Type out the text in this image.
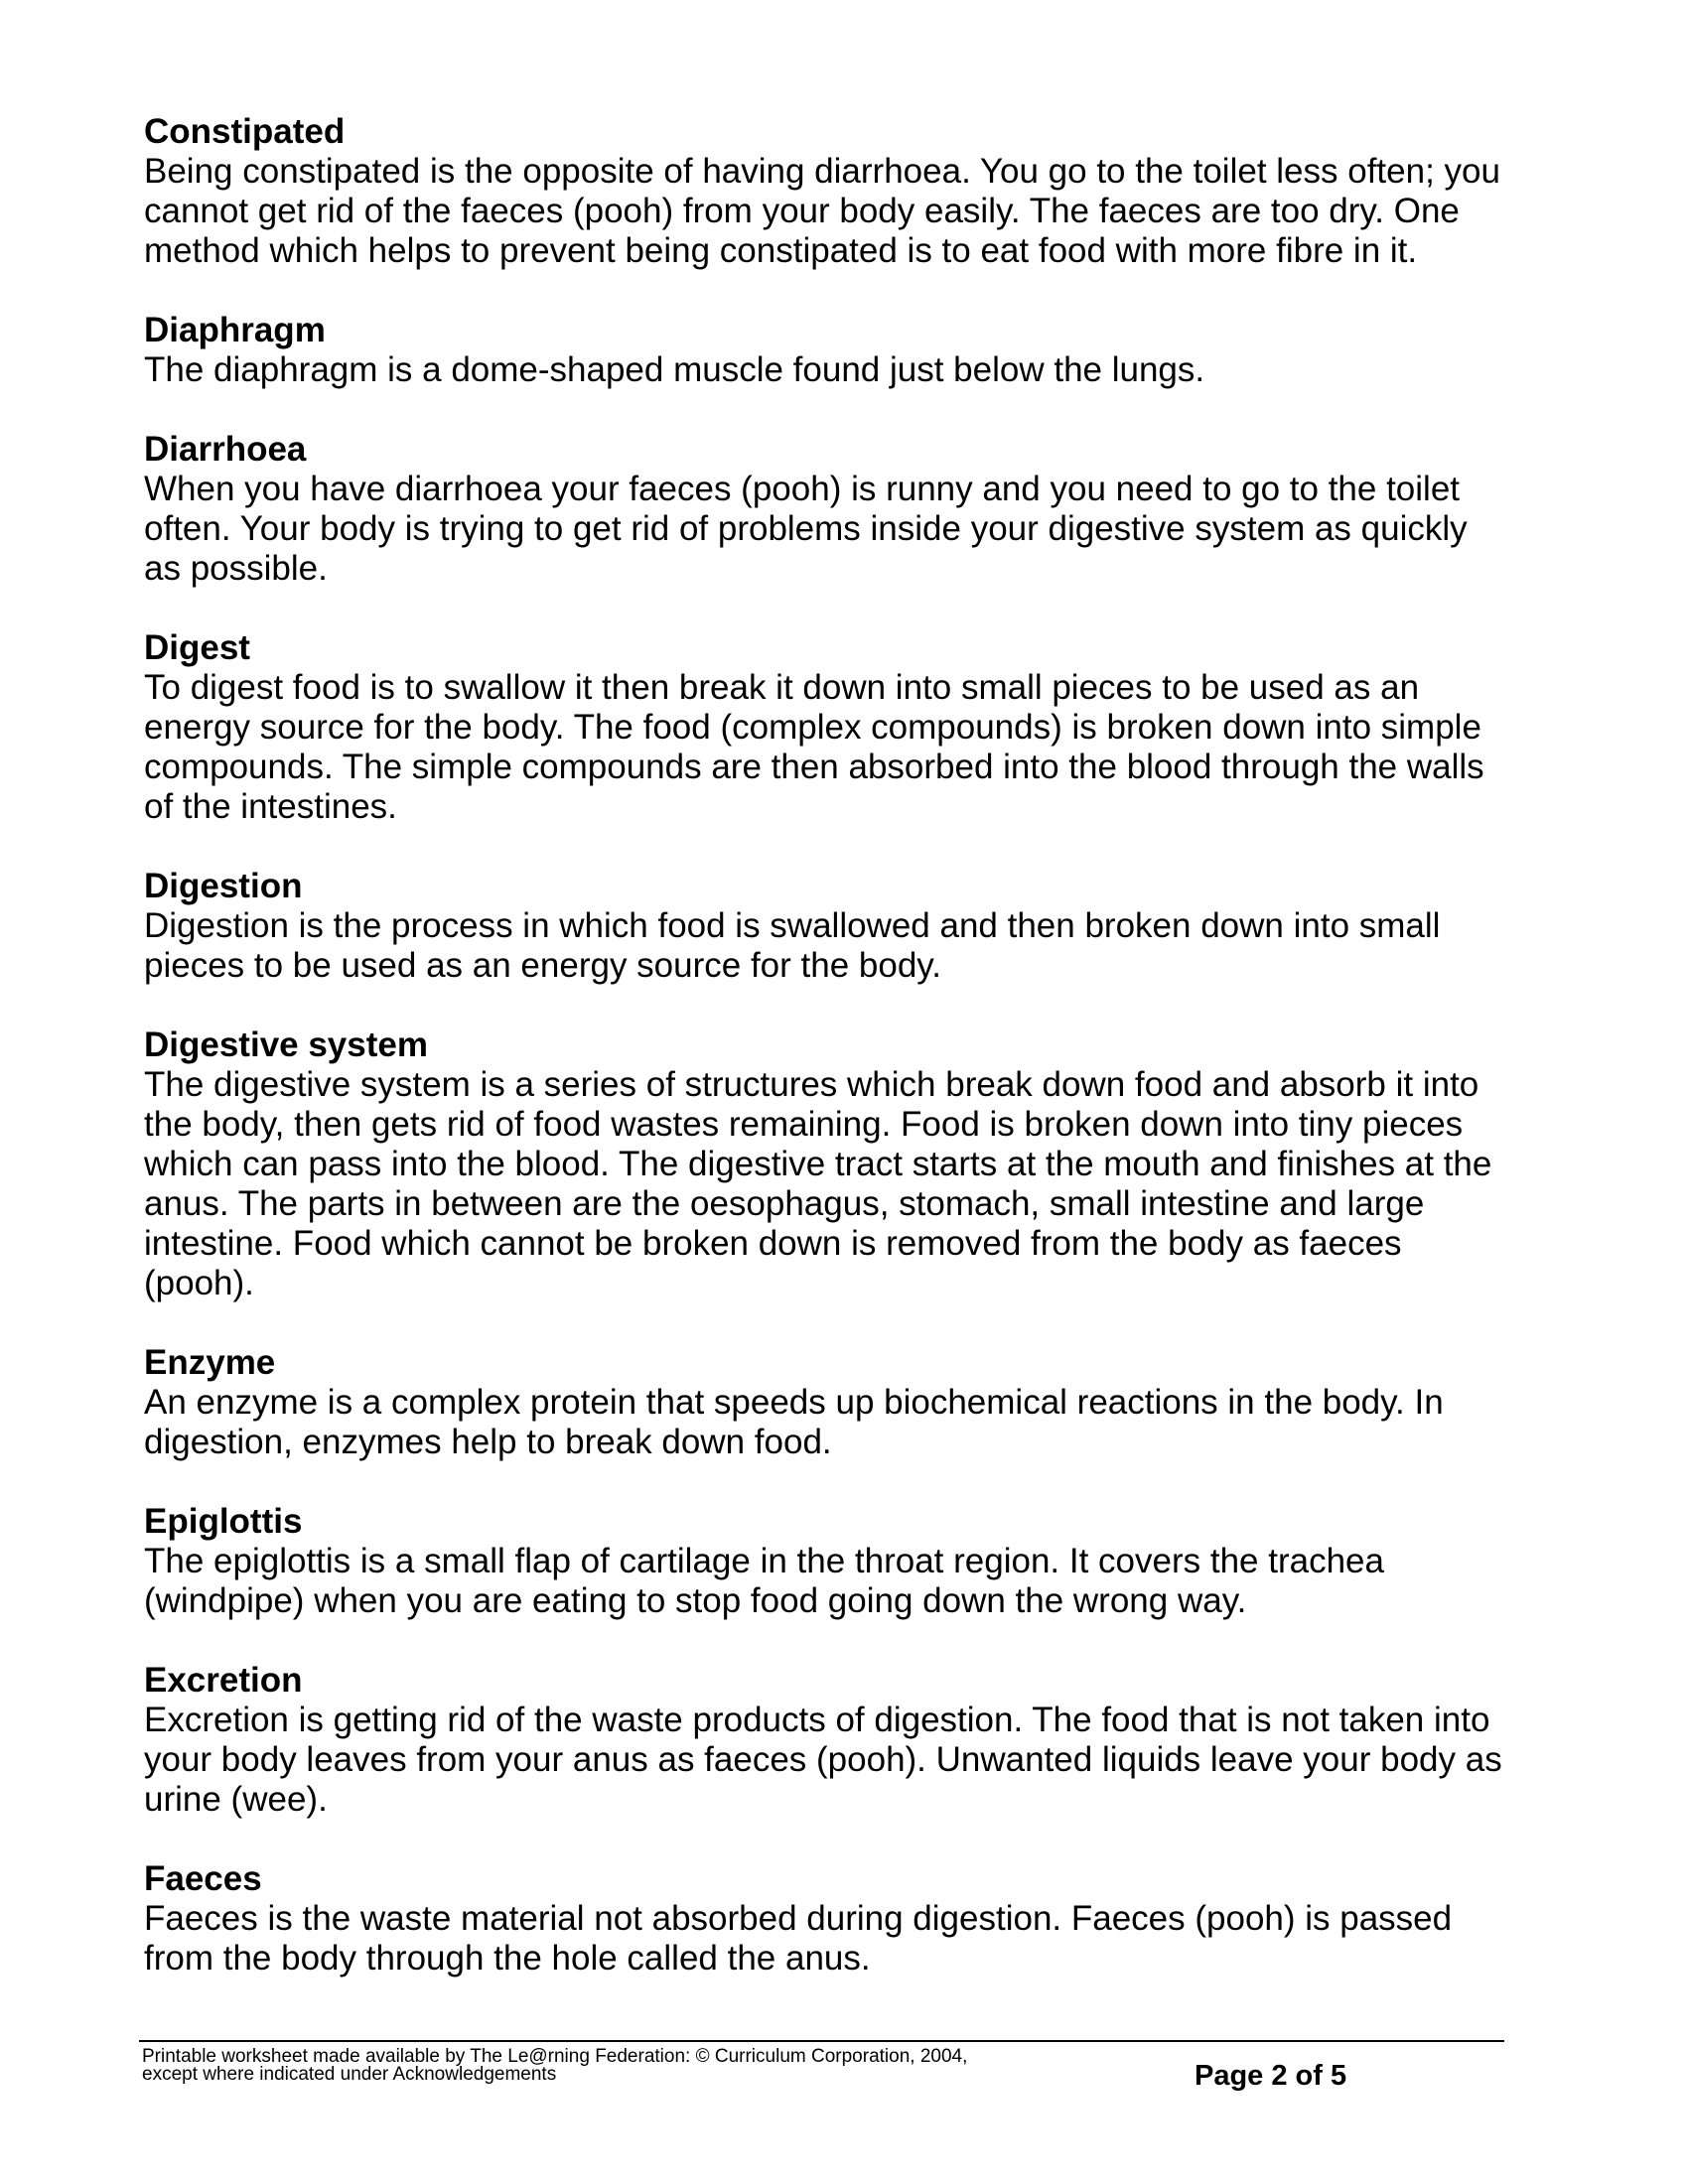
Constipated

Being constipated is the opposite of having diarrhoea. You go to the toilet less often; you cannot get rid of the faeces (pooh) from your body easily. The faeces are too dry. One method which helps to prevent being constipated is to eat food with more fibre in it.

Diaphragm

The diaphragm is a dome-shaped muscle found just below the lungs.

Diarrhoea

When you have diarrhoea your faeces (pooh) is runny and you need to go to the toilet often. Your body is trying to get rid of problems inside your digestive system as quickly as possible.

Digest

To digest food is to swallow it then break it down into small pieces to be used as an energy source for the body. The food (complex compounds) is broken down into simple compounds. The simple compounds are then absorbed into the blood through the walls of the intestines.

Digestion

Digestion is the process in which food is swallowed and then broken down into small pieces to be used as an energy source for the body.

Digestive system

The digestive system is a series of structures which break down food and absorb it into the body, then gets rid of food wastes remaining. Food is broken down into tiny pieces which can pass into the blood. The digestive tract starts at the mouth and finishes at the anus. The parts in between are the oesophagus, stomach, small intestine and large intestine. Food which cannot be broken down is removed from the body as faeces (pooh).

Enzyme

An enzyme is a complex protein that speeds up biochemical reactions in the body. In digestion, enzymes help to break down food.

Epiglottis

The epiglottis is a small flap of cartilage in the throat region. It covers the trachea (windpipe) when you are eating to stop food going down the wrong way.

Excretion

Excretion is getting rid of the waste products of digestion. The food that is not taken into your body leaves from your anus as faeces (pooh). Unwanted liquids leave your body as urine (wee).

Faeces

Faeces is the waste material not absorbed during digestion. Faeces (pooh) is passed from the body through the hole called the anus.

Printable worksheet made available by The Le@rning Federation: © Curriculum Corporation, 2004,
except where indicated under Acknowledgements	Page 2 of 5
